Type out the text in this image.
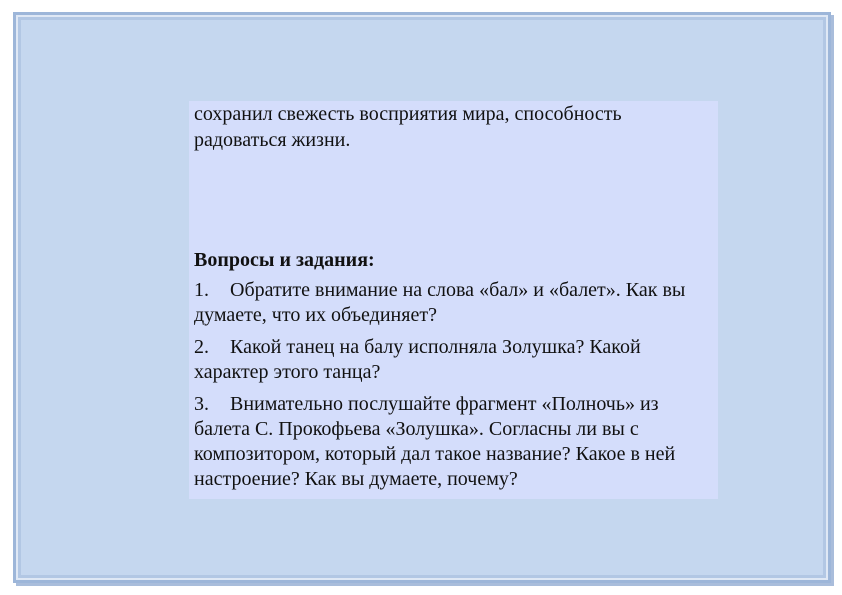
сохранил свежесть восприятия мира, способность радоваться жизни.

Вопросы и задания:

1. Обратите внимание на слова «бал» и «балет». Как вы думаете, что их объединяет?
2. Какой танец на балу исполняла Золушка? Какой характер этого танца?
3. Внимательно послушайте фрагмент «Полночь» из балета С. Прокофьева «Золушка». Согласны ли вы с композитором, который дал такое название? Какое в ней настроение? Как вы думаете, почему?
